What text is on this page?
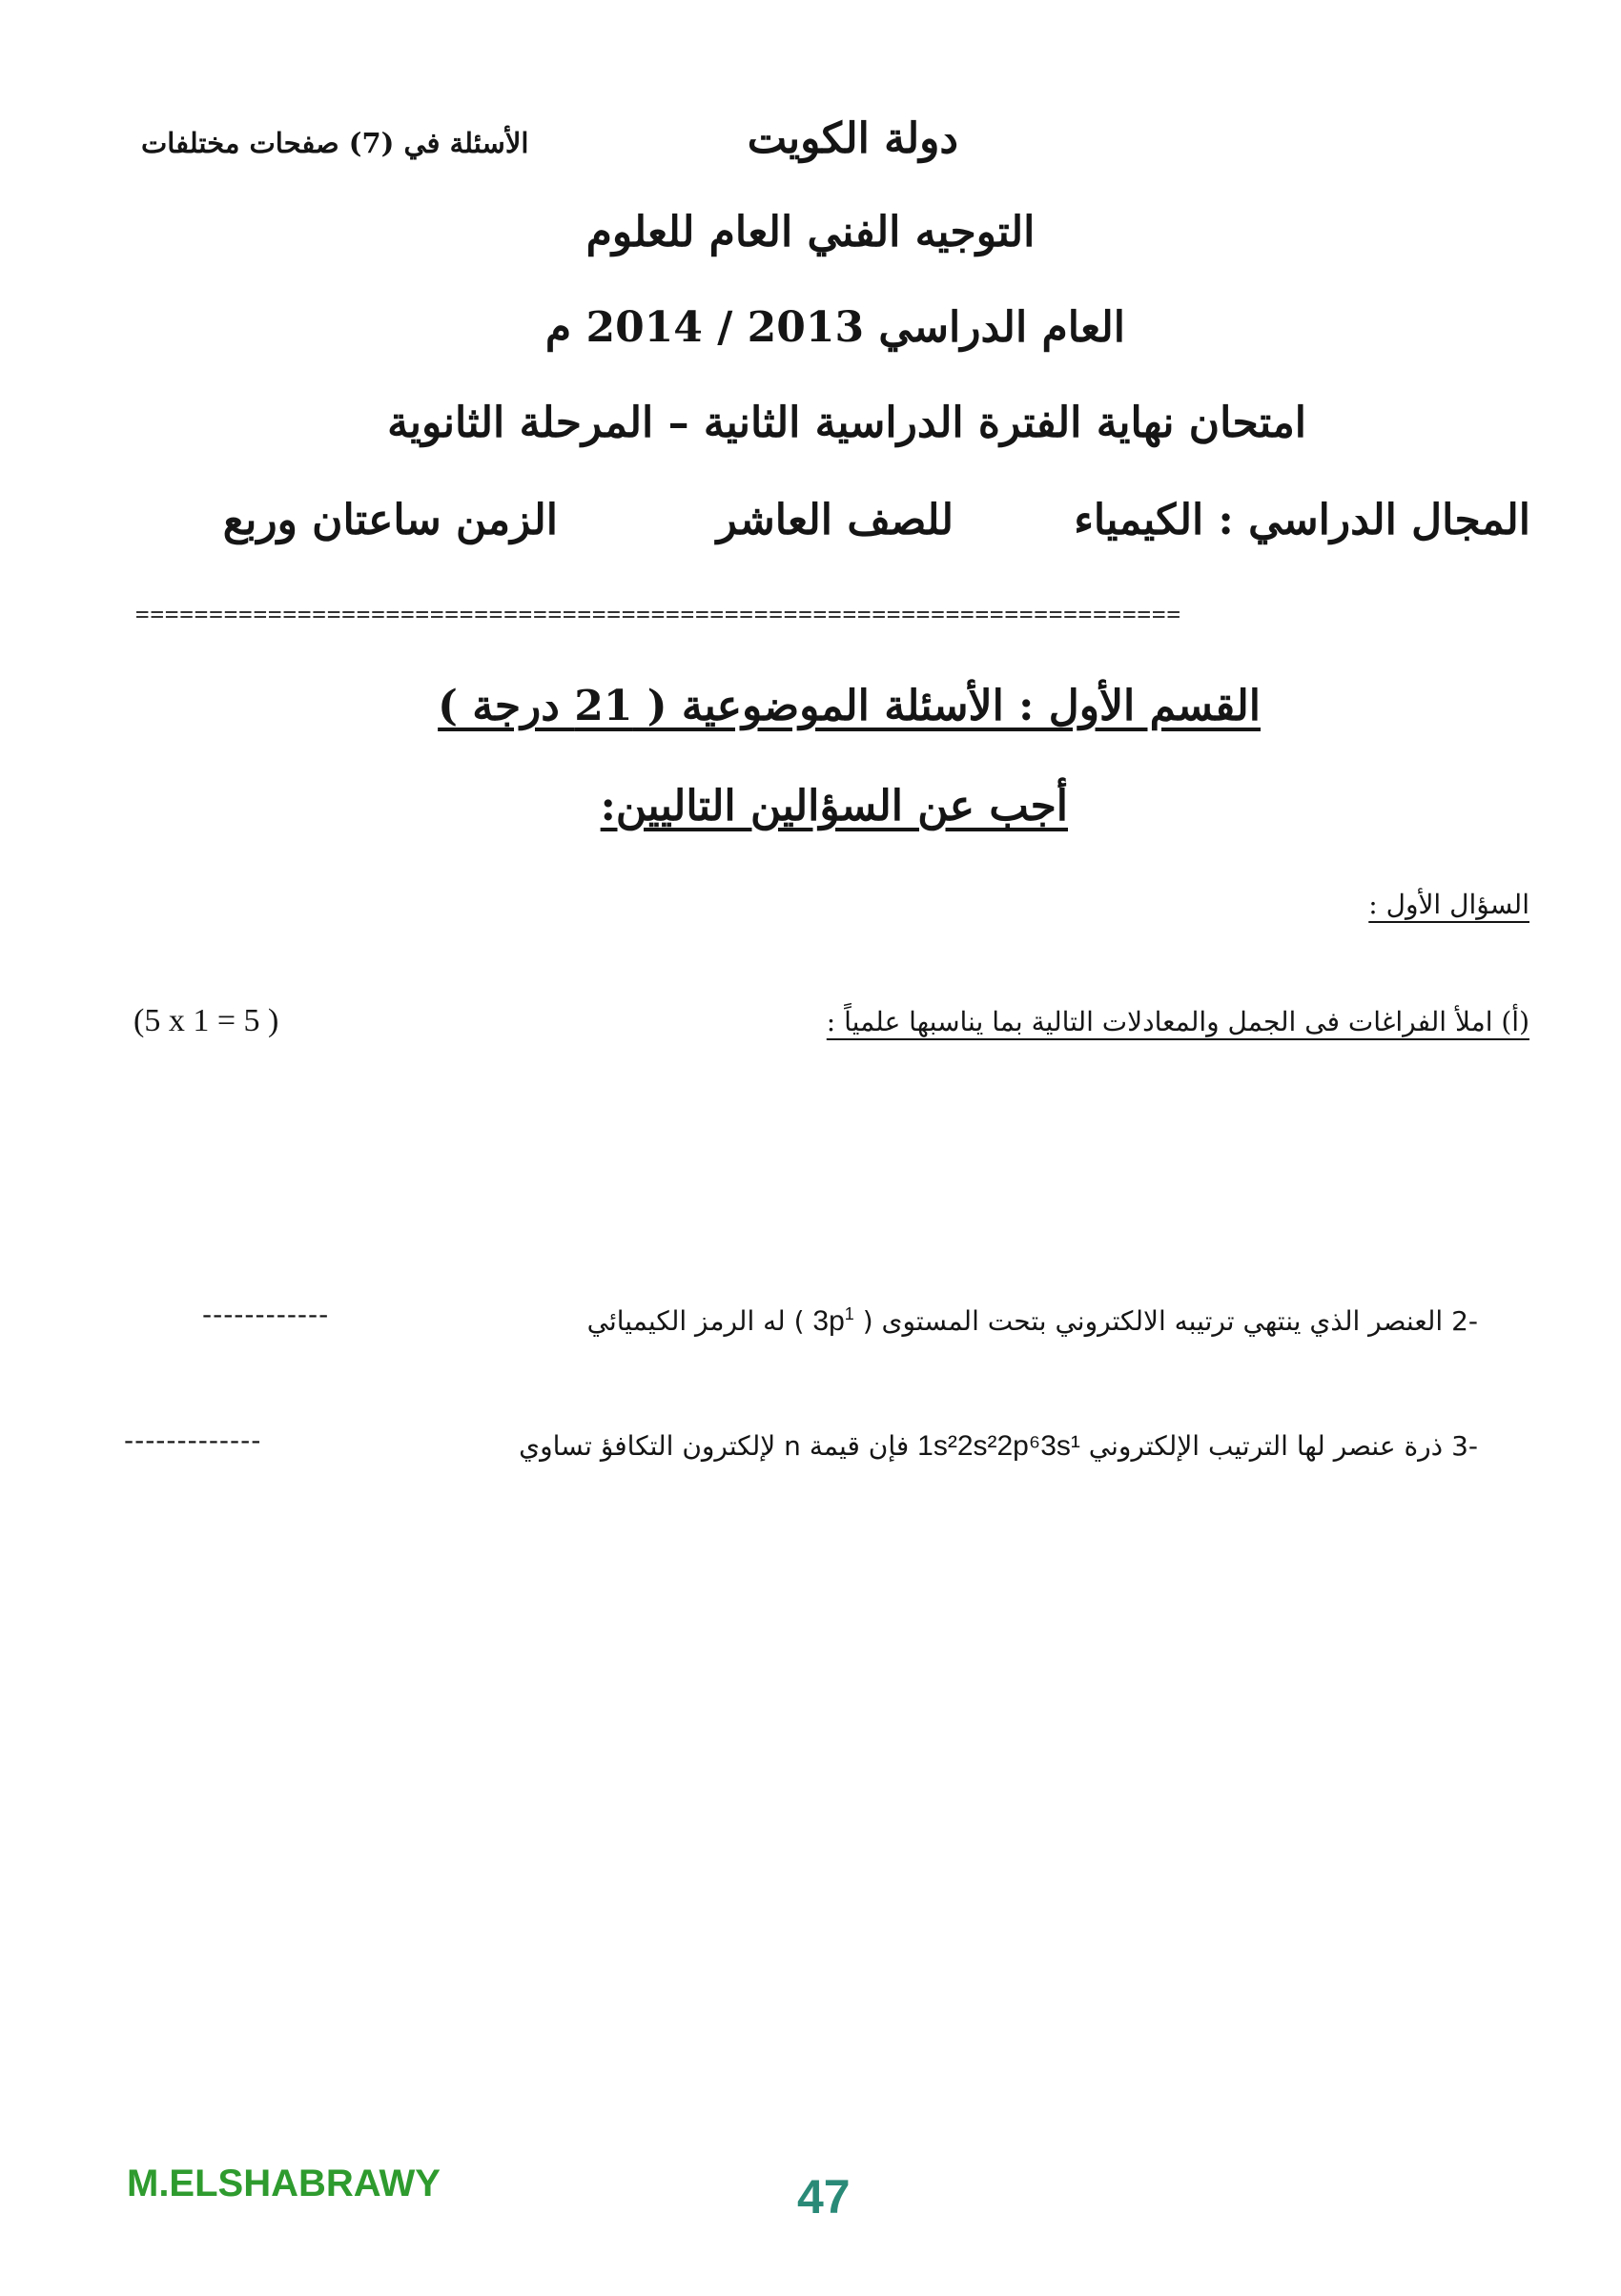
دولة الكويت
الأسئلة في (7) صفحات مختلفات
التوجيه الفني العام للعلوم
العام الدراسي 2013 / 2014 م
امتحان نهاية الفترة الدراسية الثانية – المرحلة الثانوية
المجال الدراسي : الكيمياء
للصف العاشر
الزمن ساعتان وربع
=======================================================================
القسم الأول : الأسئلة الموضوعية ( 21 درجة )
أجب عن السؤالين التاليين:
السؤال الأول :
(أ) املأ الفراغات فى الجمل والمعادلات التالية بما يناسبها علمياً :
(5 x 1 = 5 )
-2 العنصر الذي ينتهي ترتيبه الالكتروني بتحت المستوى ( $3p^1$ ) له الرمز الكيميائي
------------
-3 ذرة عنصر لها الترتيب الإلكتروني 1s²2s²2p⁶3s¹ فإن قيمة n لإلكترون التكافؤ تساوي
-------------
M.ELSHABRAWY	47
